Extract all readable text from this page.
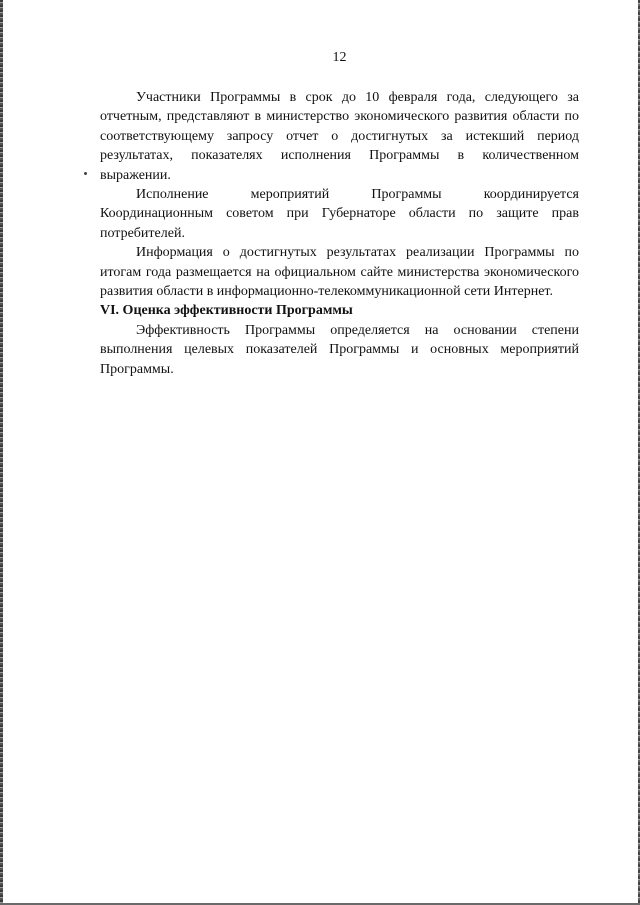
12

Участники Программы в срок до 10 февраля года, следующего за отчетным, представляют в министерство экономического развития области по соответствующему запросу отчет о достигнутых за истекший период результатах, показателях исполнения Программы в количественном выражении.

Исполнение мероприятий Программы координируется Координационным советом при Губернаторе области по защите прав потребителей.

Информация о достигнутых результатах реализации Программы по итогам года размещается на официальном сайте министерства экономического развития области в информационно-телекоммуникационной сети Интернет.

VI. Оценка эффективности Программы

Эффективность Программы определяется на основании степени выполнения целевых показателей Программы и основных мероприятий Программы.
